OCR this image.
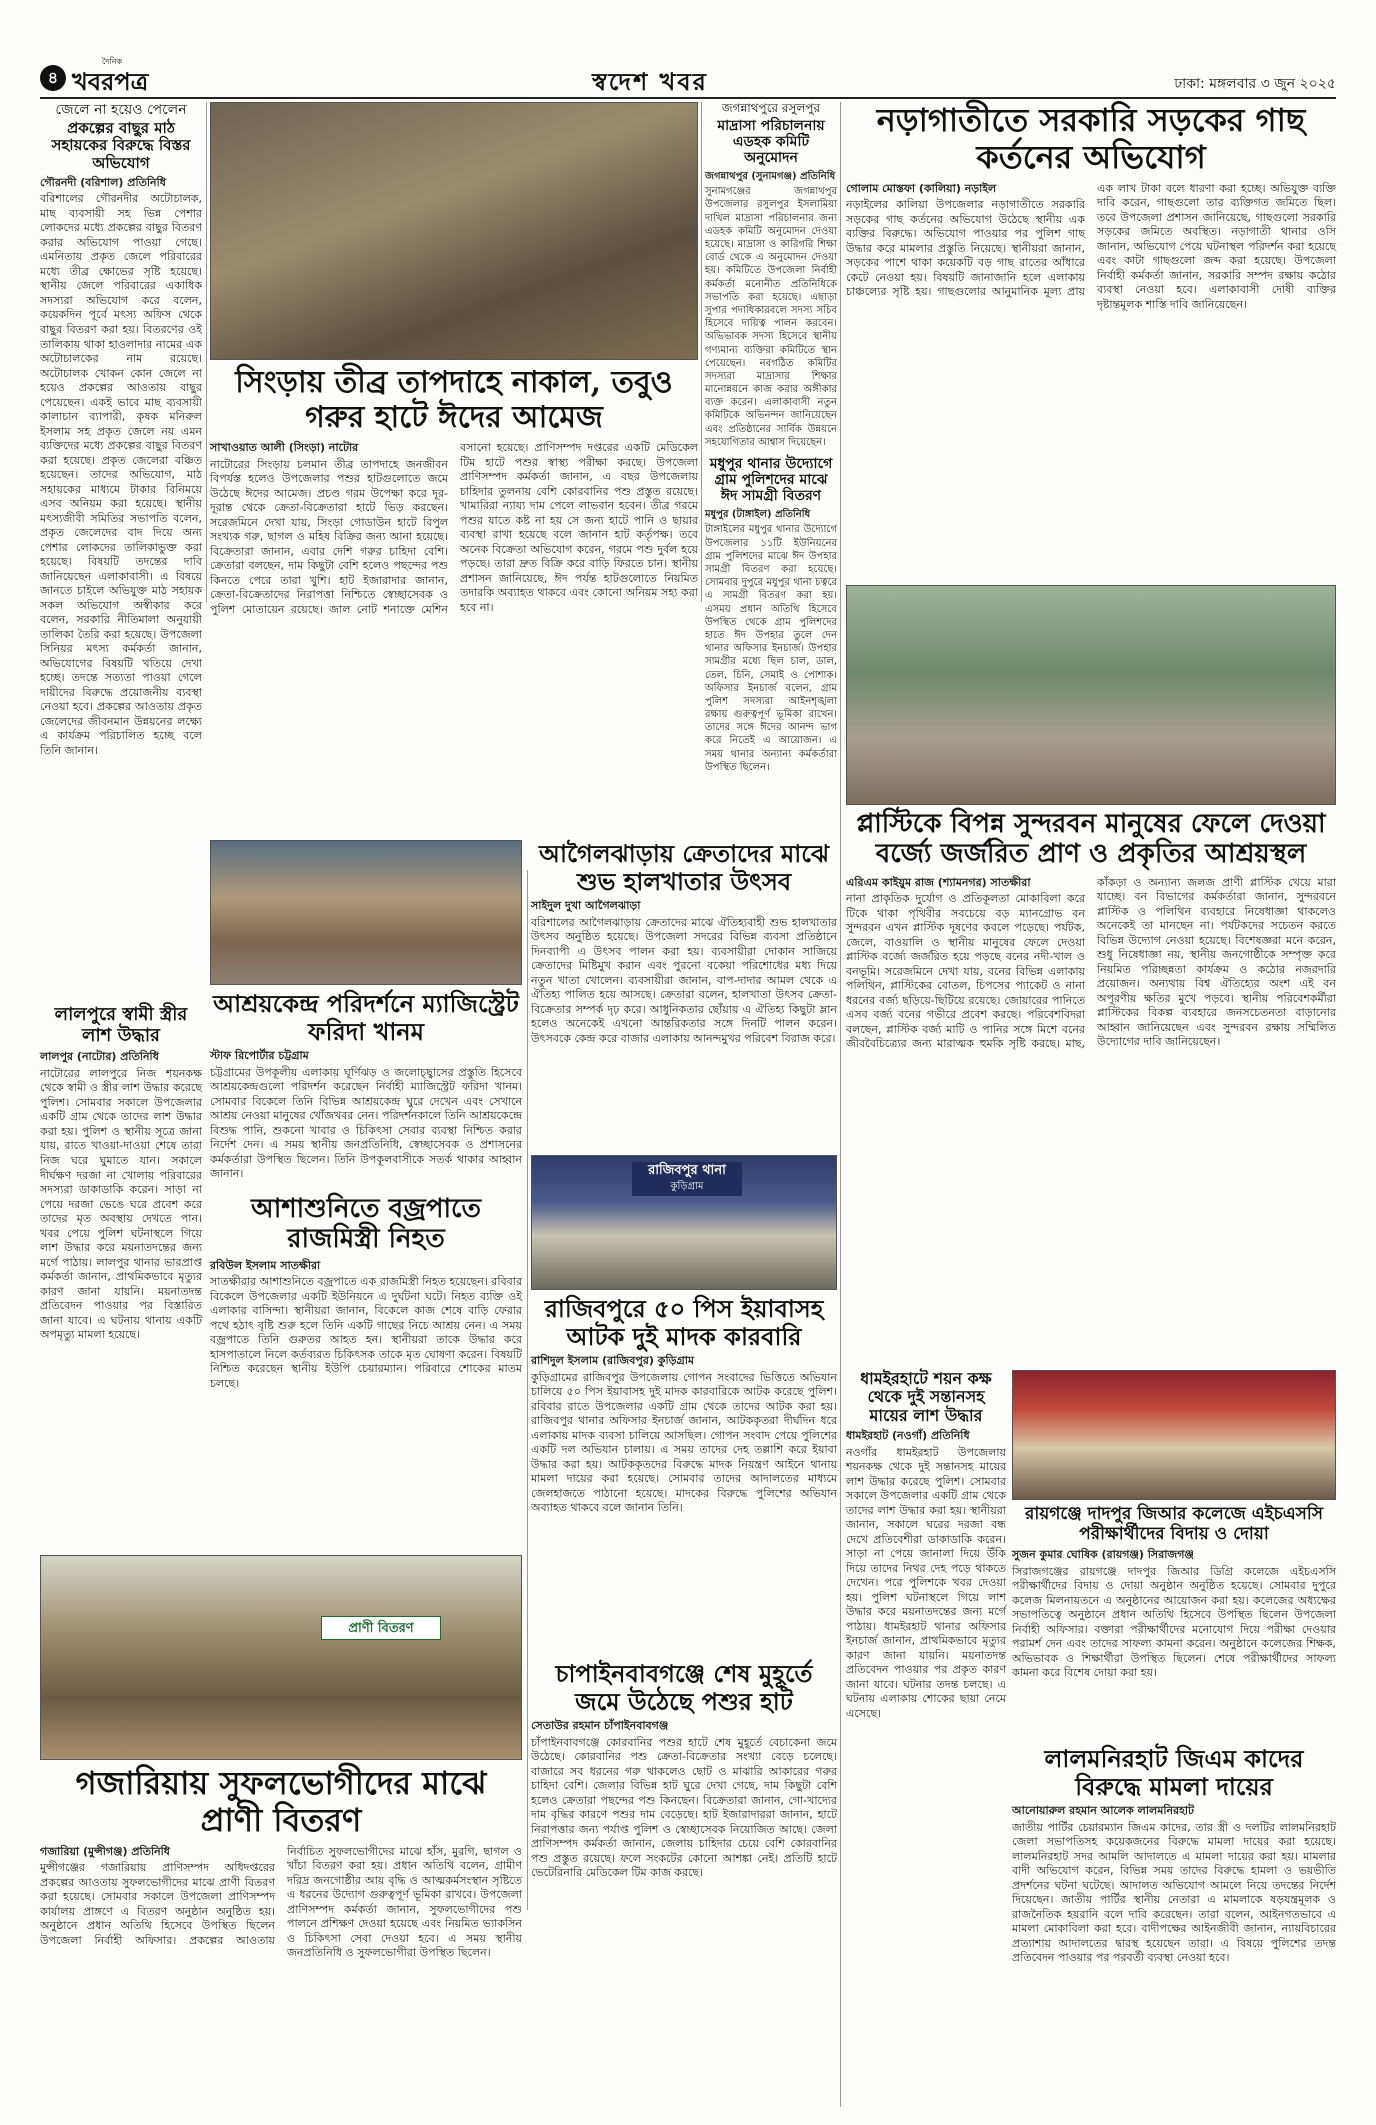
৪
দৈনিক
খবরপত্র	স্বদেশ খবর	ঢাকা: মঙ্গলবার ৩ জুন ২০২৫
জেলে না হয়েও পেলেন
প্রকল্পের বাছুর মাঠ সহায়কের বিরুদ্ধে বিস্তর অভিযোগ
গৌরনদী (বরিশাল) প্রতিনিধি
বরিশালের গৌরনদীর অটোচালক, মাছ ব্যবসায়ী সহ ভিন্ন পেশার লোকদের মধ্যে প্রকল্পের বাছুর বিতরণ করার অভিযোগ পাওয়া গেছে। এমনিতায় প্রকৃত জেলে পরিবারের মধ্যে তীব্র ক্ষোভের সৃষ্টি হয়েছে। স্থানীয় জেলে পরিবারের একাধিক সদস্যরা অভিযোগ করে বলেন, কয়েকদিন পূর্বে মৎস্য অফিস থেকে বাছুর বিতরণ করা হয়। বিতরণের ওই তালিকায় থাকা হাওলাদার নামের এক অটোচালকের নাম রয়েছে। অটোচালক খোকন কোন জেলে না হয়েও প্রকল্পের আওতায় বাছুর পেয়েছেন। একই ভাবে মাছ ব্যবসায়ী কালাচান ব্যাপারী, কৃষক মনিরুল ইসলাম সহ প্রকৃত জেলে নয় এমন ব্যক্তিদের মধ্যে প্রকল্পের বাছুর বিতরণ করা হয়েছে। প্রকৃত জেলেরা বঞ্চিত হয়েছেন। তাদের অভিযোগ, মাঠ সহায়কের মাধ্যমে টাকার বিনিময়ে এসব অনিয়ম করা হয়েছে। স্থানীয় মৎস্যজীবী সমিতির সভাপতি বলেন, প্রকৃত জেলেদের বাদ দিয়ে অন্য পেশার লোকদের তালিকাভুক্ত করা হয়েছে। বিষয়টি তদন্তের দাবি জানিয়েছেন এলাকাবাসী। এ বিষয়ে জানতে চাইলে অভিযুক্ত মাঠ সহায়ক সকল অভিযোগ অস্বীকার করে বলেন, সরকারি নীতিমালা অনুযায়ী তালিকা তৈরি করা হয়েছে। উপজেলা সিনিয়র মৎস্য কর্মকর্তা জানান, অভিযোগের বিষয়টি খতিয়ে দেখা হচ্ছে। তদন্তে সত্যতা পাওয়া গেলে দায়ীদের বিরুদ্ধে প্রয়োজনীয় ব্যবস্থা নেওয়া হবে। প্রকল্পের আওতায় প্রকৃত জেলেদের জীবনমান উন্নয়নের লক্ষ্যে এ কার্যক্রম পরিচালিত হচ্ছে বলে তিনি জানান।
লালপুরে স্বামী স্ত্রীর লাশ উদ্ধার
লালপুর (নাটোর) প্রতিনিধি
নাটোরের লালপুরে নিজ শয়নকক্ষ থেকে স্বামী ও স্ত্রীর লাশ উদ্ধার করেছে পুলিশ। সোমবার সকালে উপজেলার একটি গ্রাম থেকে তাদের লাশ উদ্ধার করা হয়। পুলিশ ও স্থানীয় সূত্রে জানা যায়, রাতে খাওয়া-দাওয়া শেষে তারা নিজ ঘরে ঘুমাতে যান। সকালে দীর্ঘক্ষণ দরজা না খোলায় পরিবারের সদস্যরা ডাকাডাকি করেন। সাড়া না পেয়ে দরজা ভেঙে ঘরে প্রবেশ করে তাদের মৃত অবস্থায় দেখতে পান। খবর পেয়ে পুলিশ ঘটনাস্থলে গিয়ে লাশ উদ্ধার করে ময়নাতদন্তের জন্য মর্গে পাঠায়। লালপুর থানার ভারপ্রাপ্ত কর্মকর্তা জানান, প্রাথমিকভাবে মৃত্যুর কারণ জানা যায়নি। ময়নাতদন্ত প্রতিবেদন পাওয়ার পর বিস্তারিত জানা যাবে। এ ঘটনায় থানায় একটি অপমৃত্যু মামলা হয়েছে।
সিংড়ায় তীব্র তাপদাহে নাকাল, তবুও গরুর হাটে ঈদের আমেজ
সাখাওয়াত আলী (সিংড়া) নাটোর
নাটোরের সিংড়ায় চলমান তীব্র তাপদাহে জনজীবন বিপর্যস্ত হলেও উপজেলার পশুর হাটগুলোতে জমে উঠেছে ঈদের আমেজ। প্রচণ্ড গরম উপেক্ষা করে দূর-দূরান্ত থেকে ক্রেতা-বিক্রেতারা হাটে ভিড় করছেন। সরেজমিনে দেখা যায়, সিংড়া গোডাউন হাটে বিপুল সংখ্যক গরু, ছাগল ও মহিষ বিক্রির জন্য আনা হয়েছে। বিক্রেতারা জানান, এবার দেশি গরুর চাহিদা বেশি। ক্রেতারা বলছেন, দাম কিছুটা বেশি হলেও পছন্দের পশু কিনতে পেরে তারা খুশি। হাট ইজারাদার জানান, ক্রেতা-বিক্রেতাদের নিরাপত্তা নিশ্চিতে স্বেচ্ছাসেবক ও পুলিশ মোতায়েন রয়েছে। জাল নোট শনাক্তে মেশিন বসানো হয়েছে। প্রাণিসম্পদ দপ্তরের একটি মেডিকেল টিম হাটে পশুর স্বাস্থ্য পরীক্ষা করছে। উপজেলা প্রাণিসম্পদ কর্মকর্তা জানান, এ বছর উপজেলায় চাহিদার তুলনায় বেশি কোরবানির পশু প্রস্তুত রয়েছে। খামারিরা ন্যায্য দাম পেলে লাভবান হবেন। তীব্র গরমে পশুর যাতে কষ্ট না হয় সে জন্য হাটে পানি ও ছায়ার ব্যবস্থা রাখা হয়েছে বলে জানান হাট কর্তৃপক্ষ। তবে অনেক বিক্রেতা অভিযোগ করেন, গরমে পশু দুর্বল হয়ে পড়ছে। তারা দ্রুত বিক্রি করে বাড়ি ফিরতে চান। স্থানীয় প্রশাসন জানিয়েছে, ঈদ পর্যন্ত হাটগুলোতে নিয়মিত তদারকি অব্যাহত থাকবে এবং কোনো অনিয়ম সহ্য করা হবে না।
আশ্রয়কেন্দ্র পরিদর্শনে ম্যাজিস্ট্রেট ফরিদা খানম
স্টাফ রিপোর্টার চট্টগ্রাম
চট্টগ্রামের উপকূলীয় এলাকায় ঘূর্ণিঝড় ও জলোচ্ছ্বাসের প্রস্তুতি হিসেবে আশ্রয়কেন্দ্রগুলো পরিদর্শন করেছেন নির্বাহী ম্যাজিস্ট্রেট ফরিদা খানম। সোমবার বিকেলে তিনি বিভিন্ন আশ্রয়কেন্দ্র ঘুরে দেখেন এবং সেখানে আশ্রয় নেওয়া মানুষের খোঁজখবর নেন। পরিদর্শনকালে তিনি আশ্রয়কেন্দ্রে বিশুদ্ধ পানি, শুকনো খাবার ও চিকিৎসা সেবার ব্যবস্থা নিশ্চিত করার নির্দেশ দেন। এ সময় স্থানীয় জনপ্রতিনিধি, স্বেচ্ছাসেবক ও প্রশাসনের কর্মকর্তারা উপস্থিত ছিলেন। তিনি উপকূলবাসীকে সতর্ক থাকার আহ্বান জানান।
আশাশুনিতে বজ্রপাতে রাজমিস্ত্রী নিহত
রবিউল ইসলাম সাতক্ষীরা
সাতক্ষীরার আশাশুনিতে বজ্রপাতে এক রাজমিস্ত্রী নিহত হয়েছেন। রবিবার বিকেলে উপজেলার একটি ইউনিয়নে এ দুর্ঘটনা ঘটে। নিহত ব্যক্তি ওই এলাকার বাসিন্দা। স্থানীয়রা জানান, বিকেলে কাজ শেষে বাড়ি ফেরার পথে হঠাৎ বৃষ্টি শুরু হলে তিনি একটি গাছের নিচে আশ্রয় নেন। এ সময় বজ্রপাতে তিনি গুরুতর আহত হন। স্থানীয়রা তাকে উদ্ধার করে হাসপাতালে নিলে কর্তব্যরত চিকিৎসক তাকে মৃত ঘোষণা করেন। বিষয়টি নিশ্চিত করেছেন স্থানীয় ইউপি চেয়ারম্যান। পরিবারে শোকের মাতম চলছে।
প্রাণী বিতরণ
গজারিয়ায় সুফলভোগীদের মাঝে প্রাণী বিতরণ
গজারিয়া (মুন্সীগঞ্জ) প্রতিনিধি
মুন্সীগঞ্জের গজারিয়ায় প্রাণিসম্পদ অধিদপ্তরের প্রকল্পের আওতায় সুফলভোগীদের মাঝে প্রাণী বিতরণ করা হয়েছে। সোমবার সকালে উপজেলা প্রাণিসম্পদ কার্যালয় প্রাঙ্গণে এ বিতরণ অনুষ্ঠান অনুষ্ঠিত হয়। অনুষ্ঠানে প্রধান অতিথি হিসেবে উপস্থিত ছিলেন উপজেলা নির্বাহী অফিসার। প্রকল্পের আওতায় নির্বাচিত সুফলভোগীদের মাঝে হাঁস, মুরগি, ছাগল ও খাঁচা বিতরণ করা হয়। প্রধান অতিথি বলেন, গ্রামীণ দরিদ্র জনগোষ্ঠীর আয় বৃদ্ধি ও আত্মকর্মসংস্থান সৃষ্টিতে এ ধরনের উদ্যোগ গুরুত্বপূর্ণ ভূমিকা রাখবে। উপজেলা প্রাণিসম্পদ কর্মকর্তা জানান, সুফলভোগীদের পশু পালনে প্রশিক্ষণ দেওয়া হয়েছে এবং নিয়মিত ভ্যাকসিন ও চিকিৎসা সেবা দেওয়া হবে। এ সময় স্থানীয় জনপ্রতিনিধি ও সুফলভোগীরা উপস্থিত ছিলেন।
জগন্নাথপুরে রসুলপুর
মাদ্রাসা পরিচালনায় এডহক কমিটি অনুমোদন
জগন্নাথপুর (সুনামগঞ্জ) প্রতিনিধি
সুনামগঞ্জের জগন্নাথপুর উপজেলার রসুলপুর ইসলামিয়া দাখিল মাদ্রাসা পরিচালনার জন্য এডহক কমিটি অনুমোদন দেওয়া হয়েছে। মাদ্রাসা ও কারিগরি শিক্ষা বোর্ড থেকে এ অনুমোদন দেওয়া হয়। কমিটিতে উপজেলা নির্বাহী কর্মকর্তা মনোনীত প্রতিনিধিকে সভাপতি করা হয়েছে। এছাড়া সুপার পদাধিকারবলে সদস্য সচিব হিসেবে দায়িত্ব পালন করবেন। অভিভাবক সদস্য হিসেবে স্থানীয় গণ্যমান্য ব্যক্তিরা কমিটিতে স্থান পেয়েছেন। নবগঠিত কমিটির সদস্যরা মাদ্রাসার শিক্ষার মানোন্নয়নে কাজ করার অঙ্গীকার ব্যক্ত করেন। এলাকাবাসী নতুন কমিটিকে অভিনন্দন জানিয়েছেন এবং প্রতিষ্ঠানের সার্বিক উন্নয়নে সহযোগিতার আশ্বাস দিয়েছেন।
মধুপুর থানার উদ্যোগে গ্রাম পুলিশদের মাঝে ঈদ সামগ্রী বিতরণ
মধুপুর (টাঙ্গাইল) প্রতিনিধি
টাঙ্গাইলের মধুপুর থানার উদ্যোগে উপজেলার ১১টি ইউনিয়নের গ্রাম পুলিশদের মাঝে ঈদ উপহার সামগ্রী বিতরণ করা হয়েছে। সোমবার দুপুরে মধুপুর থানা চত্বরে এ সামগ্রী বিতরণ করা হয়। এসময় প্রধান অতিথি হিসেবে উপস্থিত থেকে গ্রাম পুলিশদের হাতে ঈদ উপহার তুলে দেন থানার অফিসার ইনচার্জ। উপহার সামগ্রীর মধ্যে ছিল চাল, ডাল, তেল, চিনি, সেমাই ও পোশাক। অফিসার ইনচার্জ বলেন, গ্রাম পুলিশ সদস্যরা আইনশৃঙ্খলা রক্ষায় গুরুত্বপূর্ণ ভূমিকা রাখেন। তাদের সঙ্গে ঈদের আনন্দ ভাগ করে নিতেই এ আয়োজন। এ সময় থানার অন্যান্য কর্মকর্তারা উপস্থিত ছিলেন।
আগৈলঝাড়ায় ক্রেতাদের মাঝে শুভ হালখাতার উৎসব
সাইদুল দুখা আগৈলঝাড়া
বরিশালের আগৈলঝাড়ায় ক্রেতাদের মাঝে ঐতিহ্যবাহী শুভ হালখাতার উৎসব অনুষ্ঠিত হয়েছে। উপজেলা সদরের বিভিন্ন ব্যবসা প্রতিষ্ঠানে দিনব্যাপী এ উৎসব পালন করা হয়। ব্যবসায়ীরা দোকান সাজিয়ে ক্রেতাদের মিষ্টিমুখ করান এবং পুরনো বকেয়া পরিশোধের মধ্য দিয়ে নতুন খাতা খোলেন। ব্যবসায়ীরা জানান, বাপ-দাদার আমল থেকে এ ঐতিহ্য পালিত হয়ে আসছে। ক্রেতারা বলেন, হালখাতা উৎসব ক্রেতা-বিক্রেতার সম্পর্ক দৃঢ় করে। আধুনিকতার ছোঁয়ায় এ ঐতিহ্য কিছুটা ম্লান হলেও অনেকেই এখনো আন্তরিকতার সঙ্গে দিনটি পালন করেন। উৎসবকে কেন্দ্র করে বাজার এলাকায় আনন্দমুখর পরিবেশ বিরাজ করে।
রাজিবপুর থানা
কুড়িগ্রাম
রাজিবপুরে ৫০ পিস ইয়াবাসহ আটক দুই মাদক কারবারি
রাশিদুল ইসলাম (রাজিবপুর) কুড়িগ্রাম
কুড়িগ্রামের রাজিবপুর উপজেলায় গোপন সংবাদের ভিত্তিতে অভিযান চালিয়ে ৫০ পিস ইয়াবাসহ দুই মাদক কারবারিকে আটক করেছে পুলিশ। রবিবার রাতে উপজেলার একটি গ্রাম থেকে তাদের আটক করা হয়। রাজিবপুর থানার অফিসার ইনচার্জ জানান, আটককৃতরা দীর্ঘদিন ধরে এলাকায় মাদক ব্যবসা চালিয়ে আসছিল। গোপন সংবাদ পেয়ে পুলিশের একটি দল অভিযান চালায়। এ সময় তাদের দেহ তল্লাশি করে ইয়াবা উদ্ধার করা হয়। আটককৃতদের বিরুদ্ধে মাদক নিয়ন্ত্রণ আইনে থানায় মামলা দায়ের করা হয়েছে। সোমবার তাদের আদালতের মাধ্যমে জেলহাজতে পাঠানো হয়েছে। মাদকের বিরুদ্ধে পুলিশের অভিযান অব্যাহত থাকবে বলে জানান তিনি।
চাপাইনবাবগঞ্জে শেষ মুহূর্তে জমে উঠেছে পশুর হাট
সেতাউর রহমান চাঁপাইনবাবগঞ্জ
চাঁপাইনবাবগঞ্জে কোরবানির পশুর হাটে শেষ মুহূর্তে বেচাকেনা জমে উঠেছে। কোরবানির পশু ক্রেতা-বিক্রেতার সংখ্যা বেড়ে চলেছে। বাজারে সব ধরনের গরু থাকলেও ছোট ও মাঝারি আকারের গরুর চাহিদা বেশি। জেলার বিভিন্ন হাট ঘুরে দেখা গেছে, দাম কিছুটা বেশি হলেও ক্রেতারা পছন্দের পশু কিনছেন। বিক্রেতারা জানান, গো-খাদ্যের দাম বৃদ্ধির কারণে পশুর দাম বেড়েছে। হাট ইজারাদাররা জানান, হাটে নিরাপত্তার জন্য পর্যাপ্ত পুলিশ ও স্বেচ্ছাসেবক নিয়োজিত আছে। জেলা প্রাণিসম্পদ কর্মকর্তা জানান, জেলায় চাহিদার চেয়ে বেশি কোরবানির পশু প্রস্তুত রয়েছে। ফলে সংকটের কোনো আশঙ্কা নেই। প্রতিটি হাটে ভেটেরিনারি মেডিকেল টিম কাজ করছে।
নড়াগাতীতে সরকারি সড়কের গাছ কর্তনের অভিযোগ
গোলাম মোস্তফা (কালিয়া) নড়াইল
নড়াইলের কালিয়া উপজেলার নড়াগাতীতে সরকারি সড়কের গাছ কর্তনের অভিযোগ উঠেছে স্থানীয় এক ব্যক্তির বিরুদ্ধে। অভিযোগ পাওয়ার পর পুলিশ গাছ উদ্ধার করে মামলার প্রস্তুতি নিয়েছে। স্থানীয়রা জানান, সড়কের পাশে থাকা কয়েকটি বড় গাছ রাতের আঁধারে কেটে নেওয়া হয়। বিষয়টি জানাজানি হলে এলাকায় চাঞ্চল্যের সৃষ্টি হয়। গাছগুলোর আনুমানিক মূল্য প্রায় এক লাখ টাকা বলে ধারণা করা হচ্ছে। অভিযুক্ত ব্যক্তি দাবি করেন, গাছগুলো তার ব্যক্তিগত জমিতে ছিল। তবে উপজেলা প্রশাসন জানিয়েছে, গাছগুলো সরকারি সড়কের জমিতে অবস্থিত। নড়াগাতী থানার ওসি জানান, অভিযোগ পেয়ে ঘটনাস্থল পরিদর্শন করা হয়েছে এবং কাটা গাছগুলো জব্দ করা হয়েছে। উপজেলা নির্বাহী কর্মকর্তা জানান, সরকারি সম্পদ রক্ষায় কঠোর ব্যবস্থা নেওয়া হবে। এলাকাবাসী দোষী ব্যক্তির দৃষ্টান্তমূলক শাস্তি দাবি জানিয়েছেন।
প্লাস্টিকে বিপন্ন সুন্দরবন মানুষের ফেলে দেওয়া বর্জ্যে জর্জরিত প্রাণ ও প্রকৃতির আশ্রয়স্থল
এরিএম কাইয়ুম রাজ (শ্যামনগর) সাতক্ষীরা
নানা প্রাকৃতিক দুর্যোগ ও প্রতিকূলতা মোকাবিলা করে টিকে থাকা পৃথিবীর সবচেয়ে বড় ম্যানগ্রোভ বন সুন্দরবন এখন প্লাস্টিক দূষণের কবলে পড়েছে। পর্যটক, জেলে, বাওয়ালি ও স্থানীয় মানুষের ফেলে দেওয়া প্লাস্টিক বর্জ্যে জর্জরিত হয়ে পড়ছে বনের নদী-খাল ও বনভূমি। সরেজমিনে দেখা যায়, বনের বিভিন্ন এলাকায় পলিথিন, প্লাস্টিকের বোতল, চিপসের প্যাকেট ও নানা ধরনের বর্জ্য ছড়িয়ে-ছিটিয়ে রয়েছে। জোয়ারের পানিতে এসব বর্জ্য বনের গভীরে প্রবেশ করছে। পরিবেশবিদরা বলছেন, প্লাস্টিক বর্জ্য মাটি ও পানির সঙ্গে মিশে বনের জীববৈচিত্র্যের জন্য মারাত্মক হুমকি সৃষ্টি করছে। মাছ, কাঁকড়া ও অন্যান্য জলজ প্রাণী প্লাস্টিক খেয়ে মারা যাচ্ছে। বন বিভাগের কর্মকর্তারা জানান, সুন্দরবনে প্লাস্টিক ও পলিথিন ব্যবহারে নিষেধাজ্ঞা থাকলেও অনেকেই তা মানছেন না। পর্যটকদের সচেতন করতে বিভিন্ন উদ্যোগ নেওয়া হয়েছে। বিশেষজ্ঞরা মনে করেন, শুধু নিষেধাজ্ঞা নয়, স্থানীয় জনগোষ্ঠীকে সম্পৃক্ত করে নিয়মিত পরিচ্ছন্নতা কার্যক্রম ও কঠোর নজরদারি প্রয়োজন। অন্যথায় বিশ্ব ঐতিহ্যের অংশ এই বন অপূরণীয় ক্ষতির মুখে পড়বে। স্থানীয় পরিবেশকর্মীরা প্লাস্টিকের বিকল্প ব্যবহারে জনসচেতনতা বাড়ানোর আহ্বান জানিয়েছেন এবং সুন্দরবন রক্ষায় সম্মিলিত উদ্যোগের দাবি জানিয়েছেন।
ধামইরহাটে শয়ন কক্ষ থেকে দুই সন্তানসহ মায়ের লাশ উদ্ধার
ধামইরহাট (নওগাঁ) প্রতিনিধি
নওগাঁর ধামইরহাট উপজেলায় শয়নকক্ষ থেকে দুই সন্তানসহ মায়ের লাশ উদ্ধার করেছে পুলিশ। সোমবার সকালে উপজেলার একটি গ্রাম থেকে তাদের লাশ উদ্ধার করা হয়। স্থানীয়রা জানান, সকালে ঘরের দরজা বন্ধ দেখে প্রতিবেশীরা ডাকাডাকি করেন। সাড়া না পেয়ে জানালা দিয়ে উঁকি দিয়ে তাদের নিথর দেহ পড়ে থাকতে দেখেন। পরে পুলিশকে খবর দেওয়া হয়। পুলিশ ঘটনাস্থলে গিয়ে লাশ উদ্ধার করে ময়নাতদন্তের জন্য মর্গে পাঠায়। ধামইরহাট থানার অফিসার ইনচার্জ জানান, প্রাথমিকভাবে মৃত্যুর কারণ জানা যায়নি। ময়নাতদন্ত প্রতিবেদন পাওয়ার পর প্রকৃত কারণ জানা যাবে। ঘটনার তদন্ত চলছে। এ ঘটনায় এলাকায় শোকের ছায়া নেমে এসেছে।
রায়গঞ্জে দাদপুর জিআর কলেজে এইচএসসি পরীক্ষার্থীদের বিদায় ও দোয়া
সুজন কুমার ঘোষিক (রায়গঞ্জ) সিরাজগঞ্জ
সিরাজগঞ্জের রায়গঞ্জে দাদপুর জিআর ডিগ্রি কলেজে এইচএসসি পরীক্ষার্থীদের বিদায় ও দোয়া অনুষ্ঠান অনুষ্ঠিত হয়েছে। সোমবার দুপুরে কলেজ মিলনায়তনে এ অনুষ্ঠানের আয়োজন করা হয়। কলেজের অধ্যক্ষের সভাপতিত্বে অনুষ্ঠানে প্রধান অতিথি হিসেবে উপস্থিত ছিলেন উপজেলা নির্বাহী অফিসার। বক্তারা পরীক্ষার্থীদের মনোযোগ দিয়ে পরীক্ষা দেওয়ার পরামর্শ দেন এবং তাদের সাফল্য কামনা করেন। অনুষ্ঠানে কলেজের শিক্ষক, অভিভাবক ও শিক্ষার্থীরা উপস্থিত ছিলেন। শেষে পরীক্ষার্থীদের সাফল্য কামনা করে বিশেষ দোয়া করা হয়।
লালমনিরহাট জিএম কাদের বিরুদ্ধে মামলা দায়ের
আনোয়ারুল রহমান আলেক লালমনিরহাট
জাতীয় পার্টির চেয়ারম্যান জিএম কাদের, তার স্ত্রী ও দলটির লালমনিরহাট জেলা সভাপতিসহ কয়েকজনের বিরুদ্ধে মামলা দায়ের করা হয়েছে। লালমনিরহাট সদর আমলি আদালতে এ মামলা দায়ের করা হয়। মামলার বাদী অভিযোগ করেন, বিভিন্ন সময় তাদের বিরুদ্ধে হামলা ও ভয়ভীতি প্রদর্শনের ঘটনা ঘটেছে। আদালত অভিযোগ আমলে নিয়ে তদন্তের নির্দেশ দিয়েছেন। জাতীয় পার্টির স্থানীয় নেতারা এ মামলাকে ষড়যন্ত্রমূলক ও রাজনৈতিক হয়রানি বলে দাবি করেছেন। তারা বলেন, আইনগতভাবে এ মামলা মোকাবিলা করা হবে। বাদীপক্ষের আইনজীবী জানান, ন্যায়বিচারের প্রত্যাশায় আদালতের দ্বারস্থ হয়েছেন তারা। এ বিষয়ে পুলিশের তদন্ত প্রতিবেদন পাওয়ার পর পরবর্তী ব্যবস্থা নেওয়া হবে।
